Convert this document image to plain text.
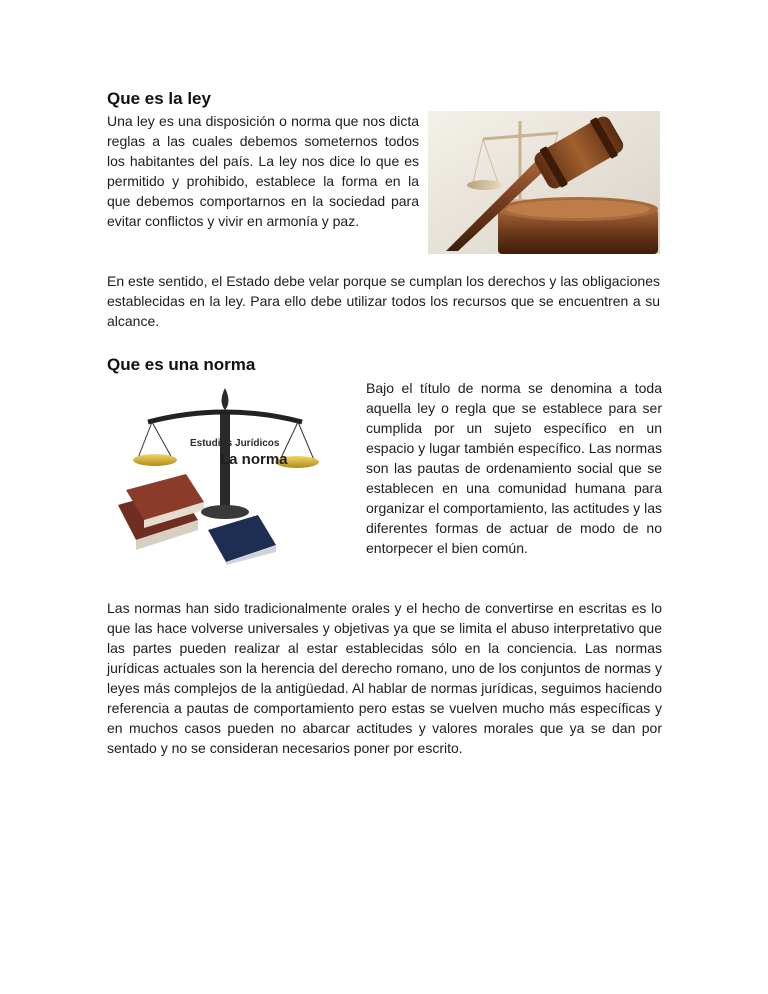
Que es la ley

Una ley es una disposición o norma que nos dicta reglas a las cuales debemos someternos todos los habitantes del país. La ley nos dice lo que es permitido y prohibido, establece la forma en la que debemos comportarnos en la sociedad para evitar conflictos y vivir en armonía y paz.

En este sentido, el Estado debe velar porque se cumplan los derechos y las obligaciones establecidas en la ley. Para ello debe utilizar todos los recursos que se encuentren a su alcance.

Que es una norma
Estudios Jurídicos
La norma

Bajo el título de norma se denomina a toda aquella ley o regla que se establece para ser cumplida por un sujeto específico en un espacio y lugar también específico. Las normas son las pautas de ordenamiento social que se establecen en una comunidad humana para organizar el comportamiento, las actitudes y las diferentes formas de actuar de modo de no entorpecer el bien común.

Las normas han sido tradicionalmente orales y el hecho de convertirse en escritas es lo que las hace volverse universales y objetivas ya que se limita el abuso interpretativo que las partes pueden realizar al estar establecidas sólo en la conciencia. Las normas jurídicas actuales son la herencia del derecho romano, uno de los conjuntos de normas y leyes más complejos de la antigüedad. Al hablar de normas jurídicas, seguimos haciendo referencia a pautas de comportamiento pero estas se vuelven mucho más específicas y en muchos casos pueden no abarcar actitudes y valores morales que ya se dan por sentado y no se consideran necesarios poner por escrito.
